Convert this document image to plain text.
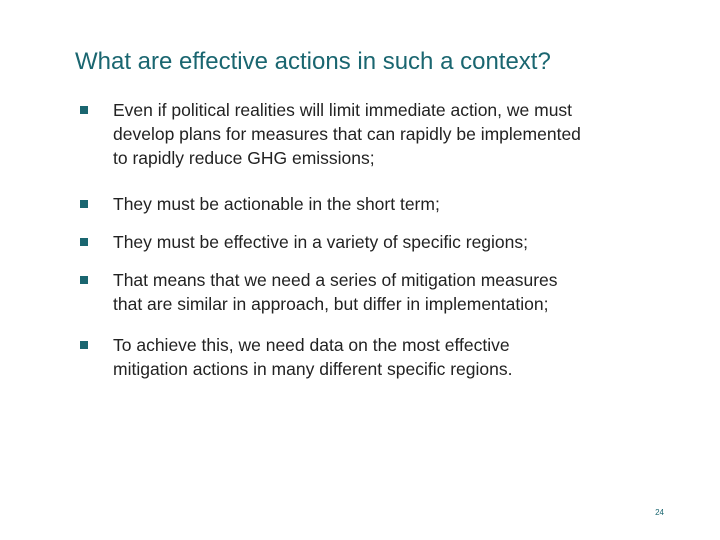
What are effective actions in such a context?

Even if political realities will limit immediate action, we must
develop plans for measures that can rapidly be implemented
to rapidly reduce GHG emissions;

They must be actionable in the short term;

They must be effective in a variety of specific regions;

That means that we need a series of mitigation measures
that are similar in approach, but differ in implementation;

To achieve this, we need data on the most effective
mitigation actions in many different specific regions.

24
